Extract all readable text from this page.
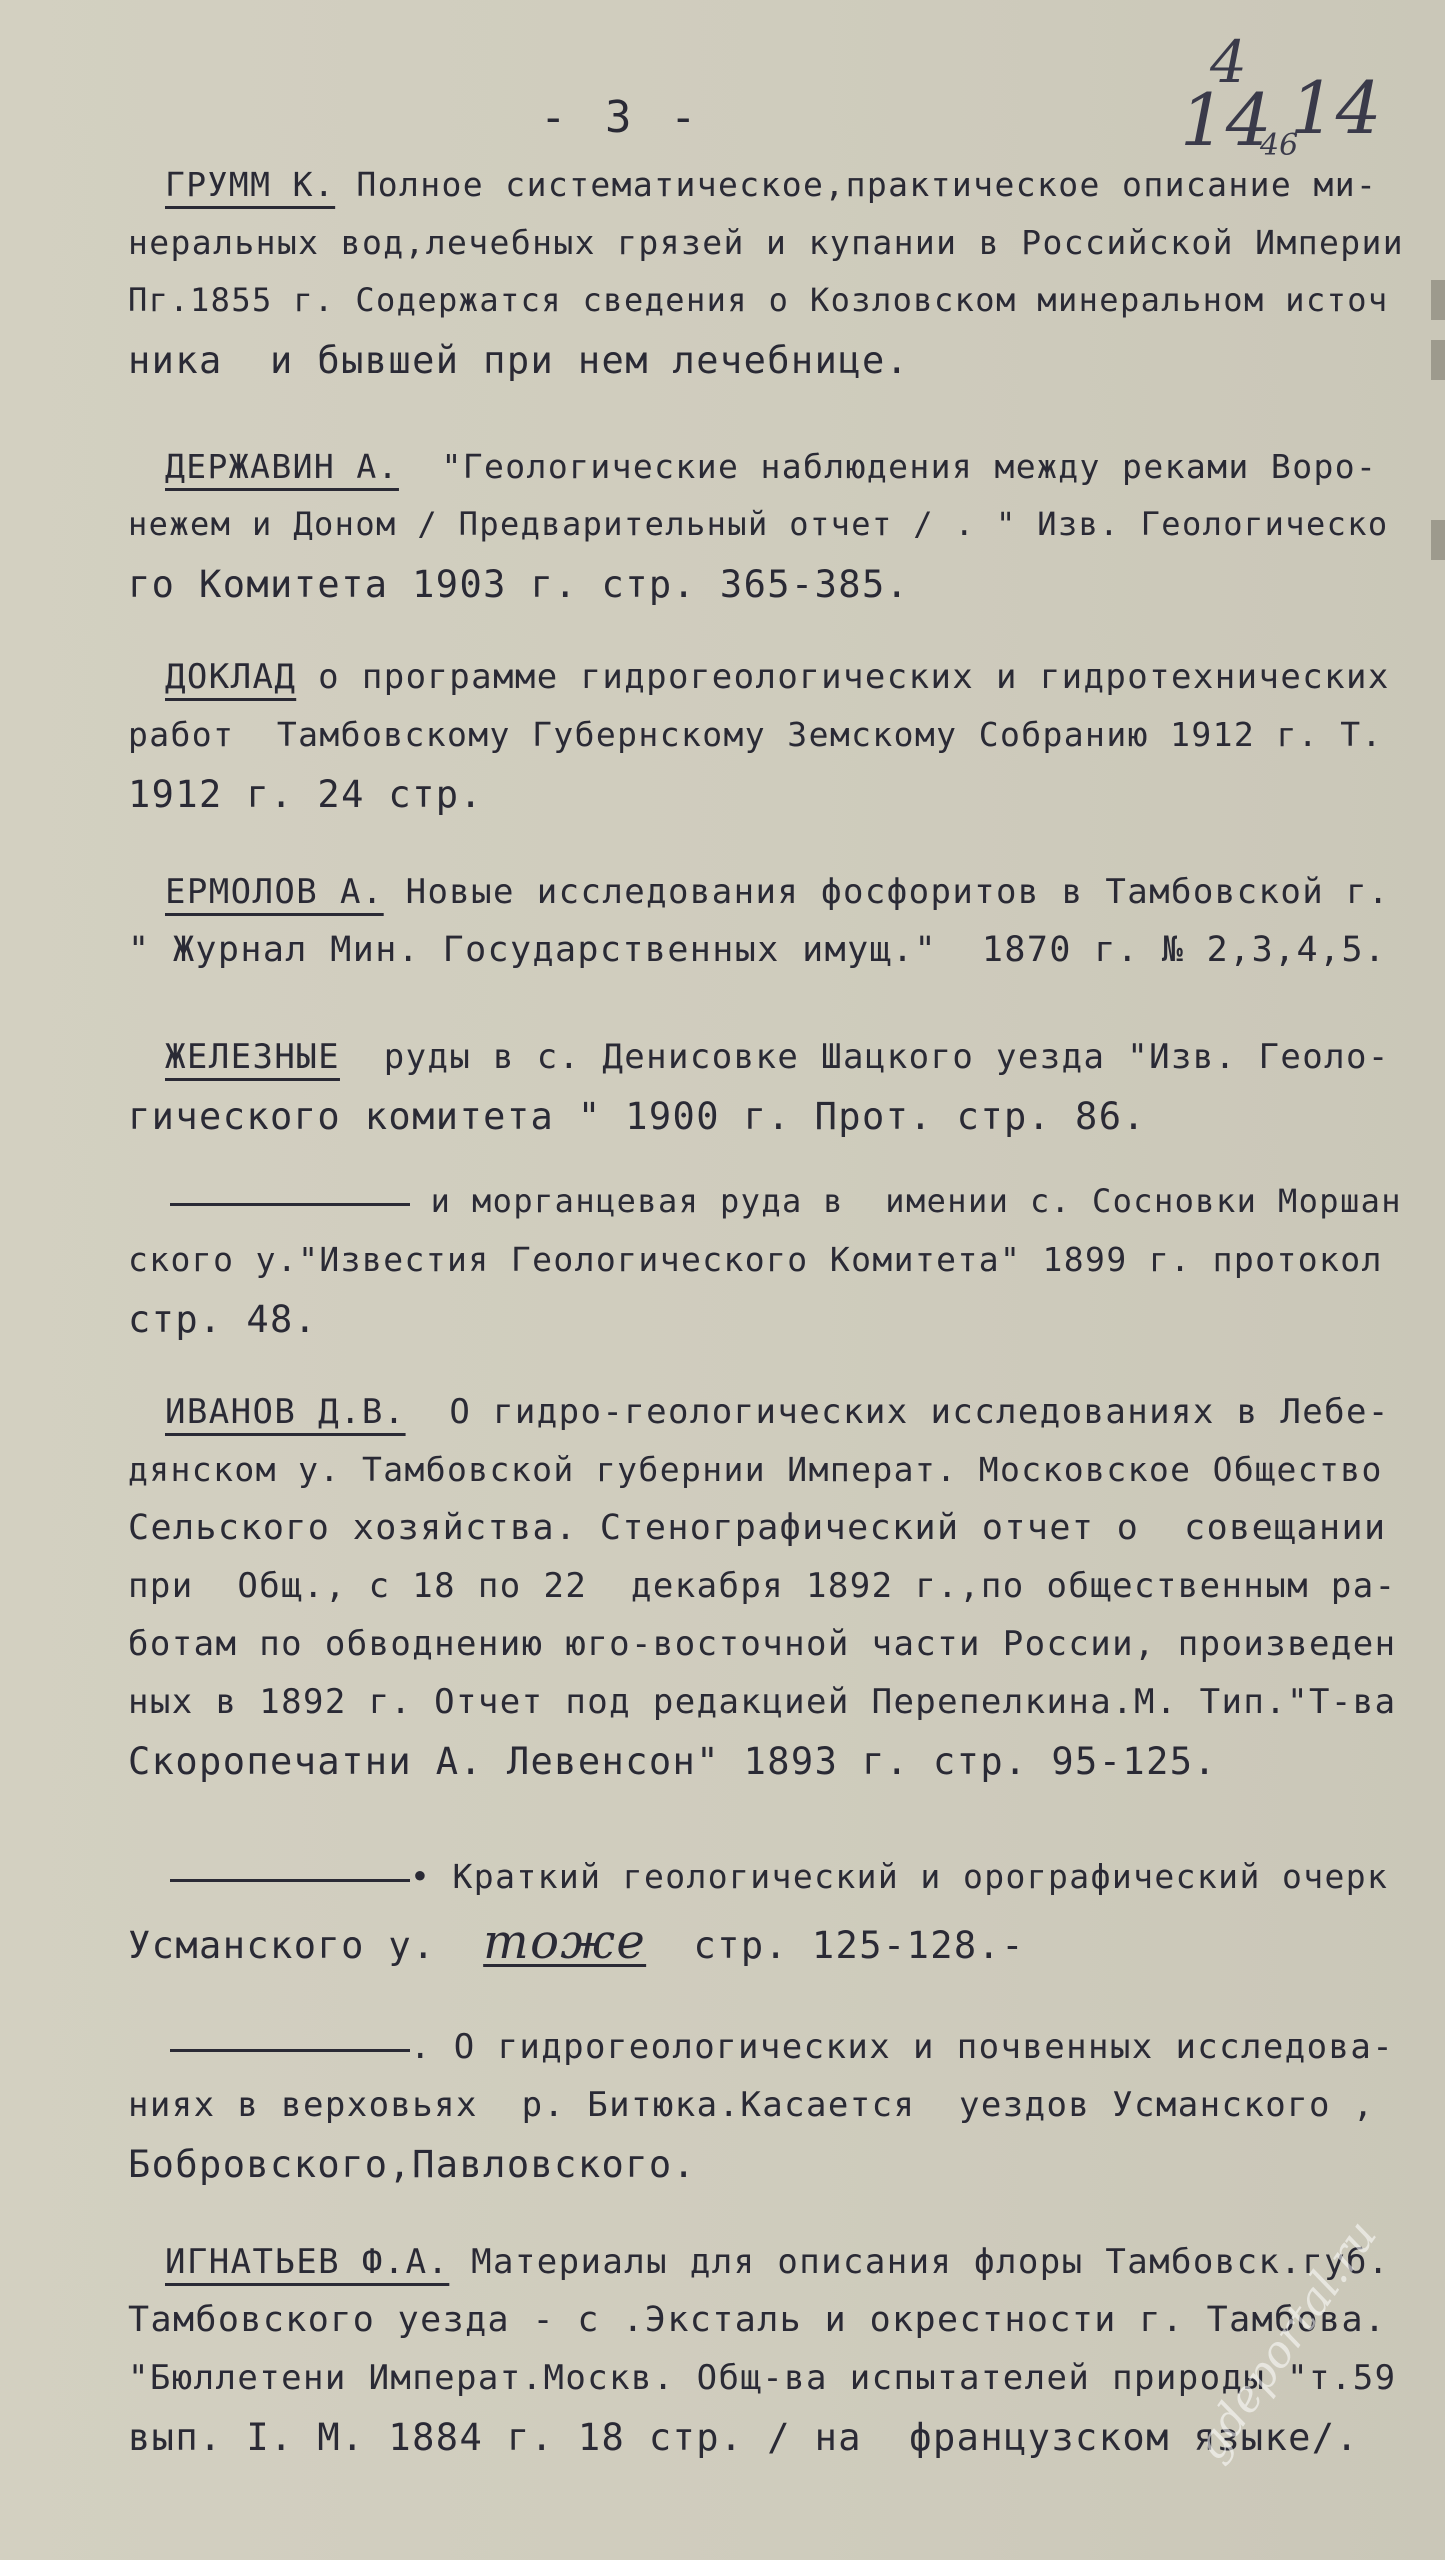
- 3 -
4
14 14
46
ГРУММ К. Полное систематическое,практическое описание ми-
неральных вод,лечебных грязей и купании в Российской Империи
Пг.1855 г. Содержатся сведения о Козловском минеральном источ
ника  и бывшей при нем лечебнице.
ДЕРЖАВИН А.  "Геологические наблюдения между реками Воро-
нежем и Доном / Предварительный отчет / . " Изв. Геологическо
го Комитета 1903 г. стр. 365-385.
ДОКЛАД о программе гидрогеологических и гидротехнических
работ  Тамбовскому Губернскому Земскому Собранию 1912 г. Т.
1912 г. 24 стр.
ЕРМОЛОВ А. Новые исследования фосфоритов в Тамбовской г.
" Журнал Мин. Государственных имущ."  1870 г. № 2,3,4,5.
ЖЕЛЕЗНЫЕ  руды в с. Денисовке Шацкого уезда "Изв. Геоло-
гического комитета " 1900 г. Прот. стр. 86.
и морганцевая руда в  имении с. Сосновки Моршан
ского у."Известия Геологического Комитета" 1899 г. протокол
стр. 48.
ИВАНОВ Д.В.  О гидро-геологических исследованиях в Лебе-
дянском у. Тамбовской губернии Императ. Московское Общество
Сельского хозяйства. Стенографический отчет о  совещании
при  Общ., с 18 по 22  декабря 1892 г.,по общественным ра-
ботам по обводнению юго-восточной части России, произведен
ных в 1892 г. Отчет под редакцией Перепелкина.М. Тип."Т-ва
Скоропечатни А. Левенсон" 1893 г. стр. 95-125.
• Краткий геологический и орографический очерк
Усманского у. тоже  стр. 125-128.-
. О гидрогеологических и почвенных исследова-
ниях в верховьях  р. Битюка.Касается  уездов Усманского ,
Бобровского,Павловского.
ИГНАТЬЕВ Ф.А. Материалы для описания флоры Тамбовск.губ.
Тамбовского уезда - с .Эксталь и окрестности г. Тамбова.
"Бюллетени Императ.Москв. Общ-ва испытателей природы "т.59
вып. I. М. 1884 г. 18 стр. / на  французском языке/.
gdeportal.ru
